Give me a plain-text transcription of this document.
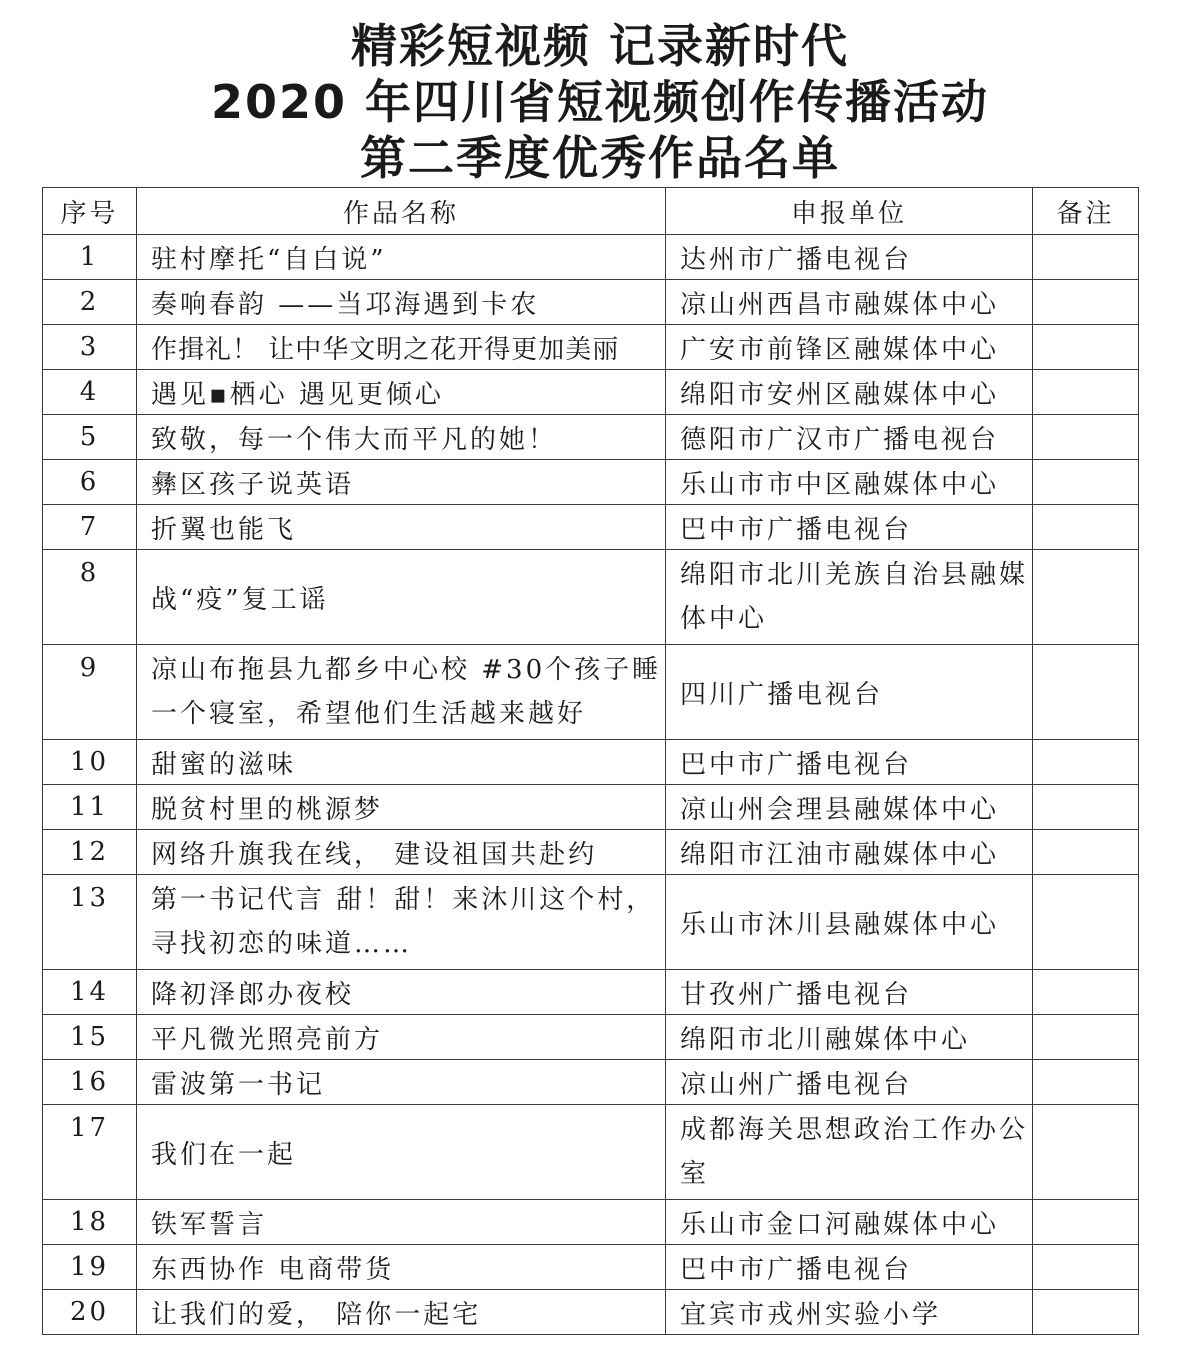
精彩短视频 记录新时代
2020 年四川省短视频创作传播活动
第二季度优秀作品名单
序号	作品名称	申报单位	备注
1	驻村摩托“自白说”	达州市广播电视台	
2	奏响春韵 ——当邛海遇到卡农	凉山州西昌市融媒体中心	
3	作揖礼！ 让中华文明之花开得更加美丽	广安市前锋区融媒体中心	
4	遇见▪栖心 遇见更倾心	绵阳市安州区融媒体中心	
5	致敬，每一个伟大而平凡的她！	德阳市广汉市广播电视台	
6	彝区孩子说英语	乐山市市中区融媒体中心	
7	折翼也能飞	巴中市广播电视台	
8	战“疫”复工谣	绵阳市北川羌族自治县融媒体中心	
9	凉山布拖县九都乡中心校 #30个孩子睡一个寝室，希望他们生活越来越好	四川广播电视台	
10	甜蜜的滋味	巴中市广播电视台	
11	脱贫村里的桃源梦	凉山州会理县融媒体中心	
12	网络升旗我在线， 建设祖国共赴约	绵阳市江油市融媒体中心	
13	第一书记代言 甜！甜！来沐川这个村，寻找初恋的味道……	乐山市沐川县融媒体中心	
14	降初泽郎办夜校	甘孜州广播电视台	
15	平凡微光照亮前方	绵阳市北川融媒体中心	
16	雷波第一书记	凉山州广播电视台	
17	我们在一起	成都海关思想政治工作办公室	
18	铁军誓言	乐山市金口河融媒体中心	
19	东西协作 电商带货	巴中市广播电视台	
20	让我们的爱， 陪你一起宅	宜宾市戎州实验小学	
